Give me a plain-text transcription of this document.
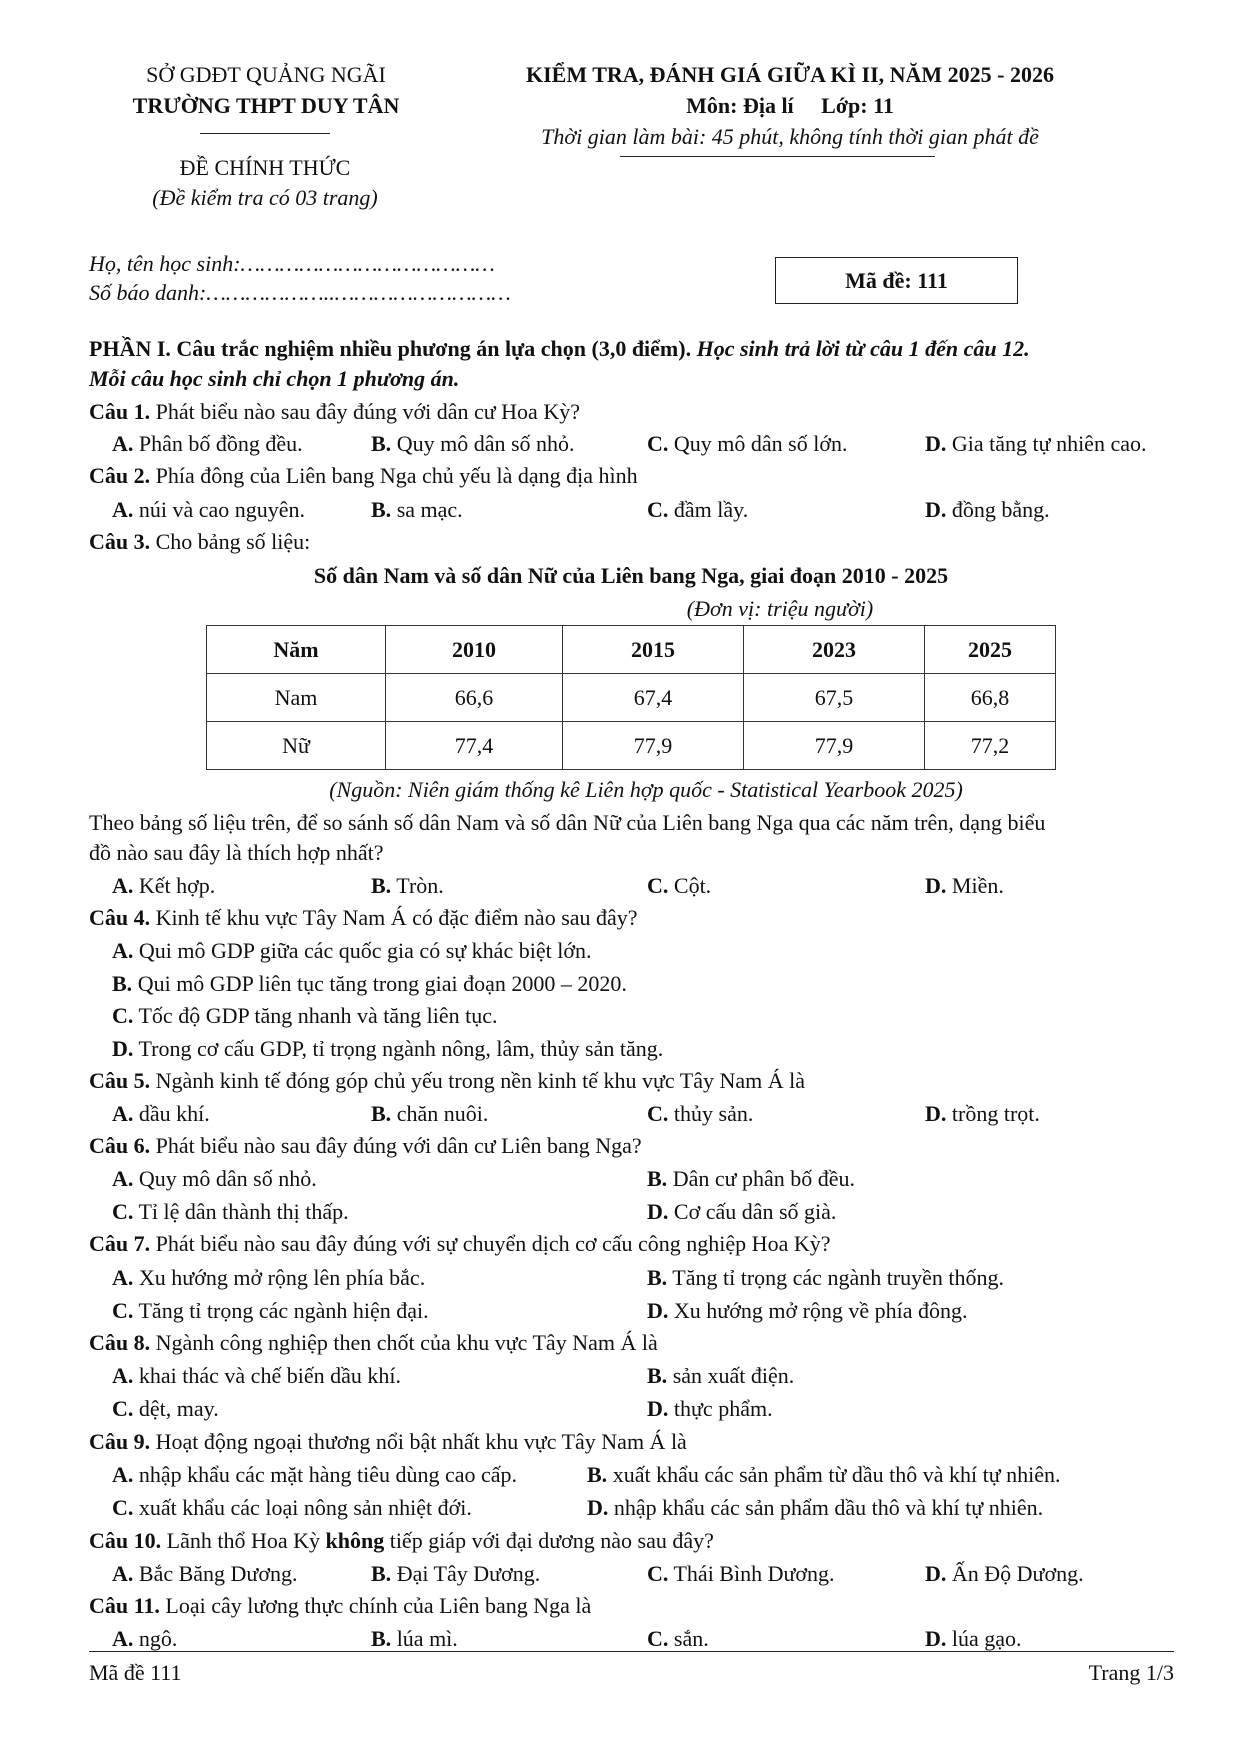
SỞ GDĐT QUẢNG NGÃI
TRƯỜNG THPT DUY TÂN
ĐỀ CHÍNH THỨC
(Đề kiểm tra có 03 trang)
KIỂM TRA, ĐÁNH GIÁ GIỮA KÌ II, NĂM 2025 - 2026
Môn: Địa lí     Lớp: 11
Thời gian làm bài: 45 phút, không tính thời gian phát đề
Họ, tên học sinh:…………………………………
Số báo danh:………………..………………………	Mã đề: 111
PHẦN I. Câu trắc nghiệm nhiều phương án lựa chọn (3,0 điểm). Học sinh trả lời từ câu 1 đến câu 12.
Mỗi câu học sinh chỉ chọn 1 phương án.
Câu 1. Phát biểu nào sau đây đúng với dân cư Hoa Kỳ?
A. Phân bố đồng đều.	B. Quy mô dân số nhỏ.	C. Quy mô dân số lớn.	D. Gia tăng tự nhiên cao.
Câu 2. Phía đông của Liên bang Nga chủ yếu là dạng địa hình
A. núi và cao nguyên.	B. sa mạc.	C. đầm lầy.	D. đồng bằng.
Câu 3. Cho bảng số liệu:
Số dân Nam và số dân Nữ của Liên bang Nga, giai đoạn 2010 - 2025
(Đơn vị: triệu người)
Năm	2010	2015	2023	2025
Nam	66,6	67,4	67,5	66,8
Nữ	77,4	77,9	77,9	77,2
(Nguồn: Niên giám thống kê Liên hợp quốc - Statistical Yearbook 2025)
Theo bảng số liệu trên, để so sánh số dân Nam và số dân Nữ của Liên bang Nga qua các năm trên, dạng biểu
đồ nào sau đây là thích hợp nhất?
A. Kết hợp.	B. Tròn.	C. Cột.	D. Miền.
Câu 4. Kinh tế khu vực Tây Nam Á có đặc điểm nào sau đây?
A. Qui mô GDP giữa các quốc gia có sự khác biệt lớn.
B. Qui mô GDP liên tục tăng trong giai đoạn 2000 – 2020.
C. Tốc độ GDP tăng nhanh và tăng liên tục.
D. Trong cơ cấu GDP, tỉ trọng ngành nông, lâm, thủy sản tăng.
Câu 5. Ngành kinh tế đóng góp chủ yếu trong nền kinh tế khu vực Tây Nam Á là
A. dầu khí.	B. chăn nuôi.	C. thủy sản.	D. trồng trọt.
Câu 6. Phát biểu nào sau đây đúng với dân cư Liên bang Nga?
A. Quy mô dân số nhỏ.	B. Dân cư phân bố đều.
C. Tỉ lệ dân thành thị thấp.	D. Cơ cấu dân số già.
Câu 7. Phát biểu nào sau đây đúng với sự chuyển dịch cơ cấu công nghiệp Hoa Kỳ?
A. Xu hướng mở rộng lên phía bắc.	B. Tăng tỉ trọng các ngành truyền thống.
C. Tăng tỉ trọng các ngành hiện đại.	D. Xu hướng mở rộng về phía đông.
Câu 8. Ngành công nghiệp then chốt của khu vực Tây Nam Á là
A. khai thác và chế biến dầu khí.	B. sản xuất điện.
C. dệt, may.	D. thực phẩm.
Câu 9. Hoạt động ngoại thương nổi bật nhất khu vực Tây Nam Á là
A. nhập khẩu các mặt hàng tiêu dùng cao cấp.	B. xuất khẩu các sản phẩm từ dầu thô và khí tự nhiên.
C. xuất khẩu các loại nông sản nhiệt đới.	D. nhập khẩu các sản phẩm dầu thô và khí tự nhiên.
Câu 10. Lãnh thổ Hoa Kỳ không tiếp giáp với đại dương nào sau đây?
A. Bắc Băng Dương.	B. Đại Tây Dương.	C. Thái Bình Dương.	D. Ấn Độ Dương.
Câu 11. Loại cây lương thực chính của Liên bang Nga là
A. ngô.	B. lúa mì.	C. sắn.	D. lúa gạo.
Mã đề 111	Trang 1/3
